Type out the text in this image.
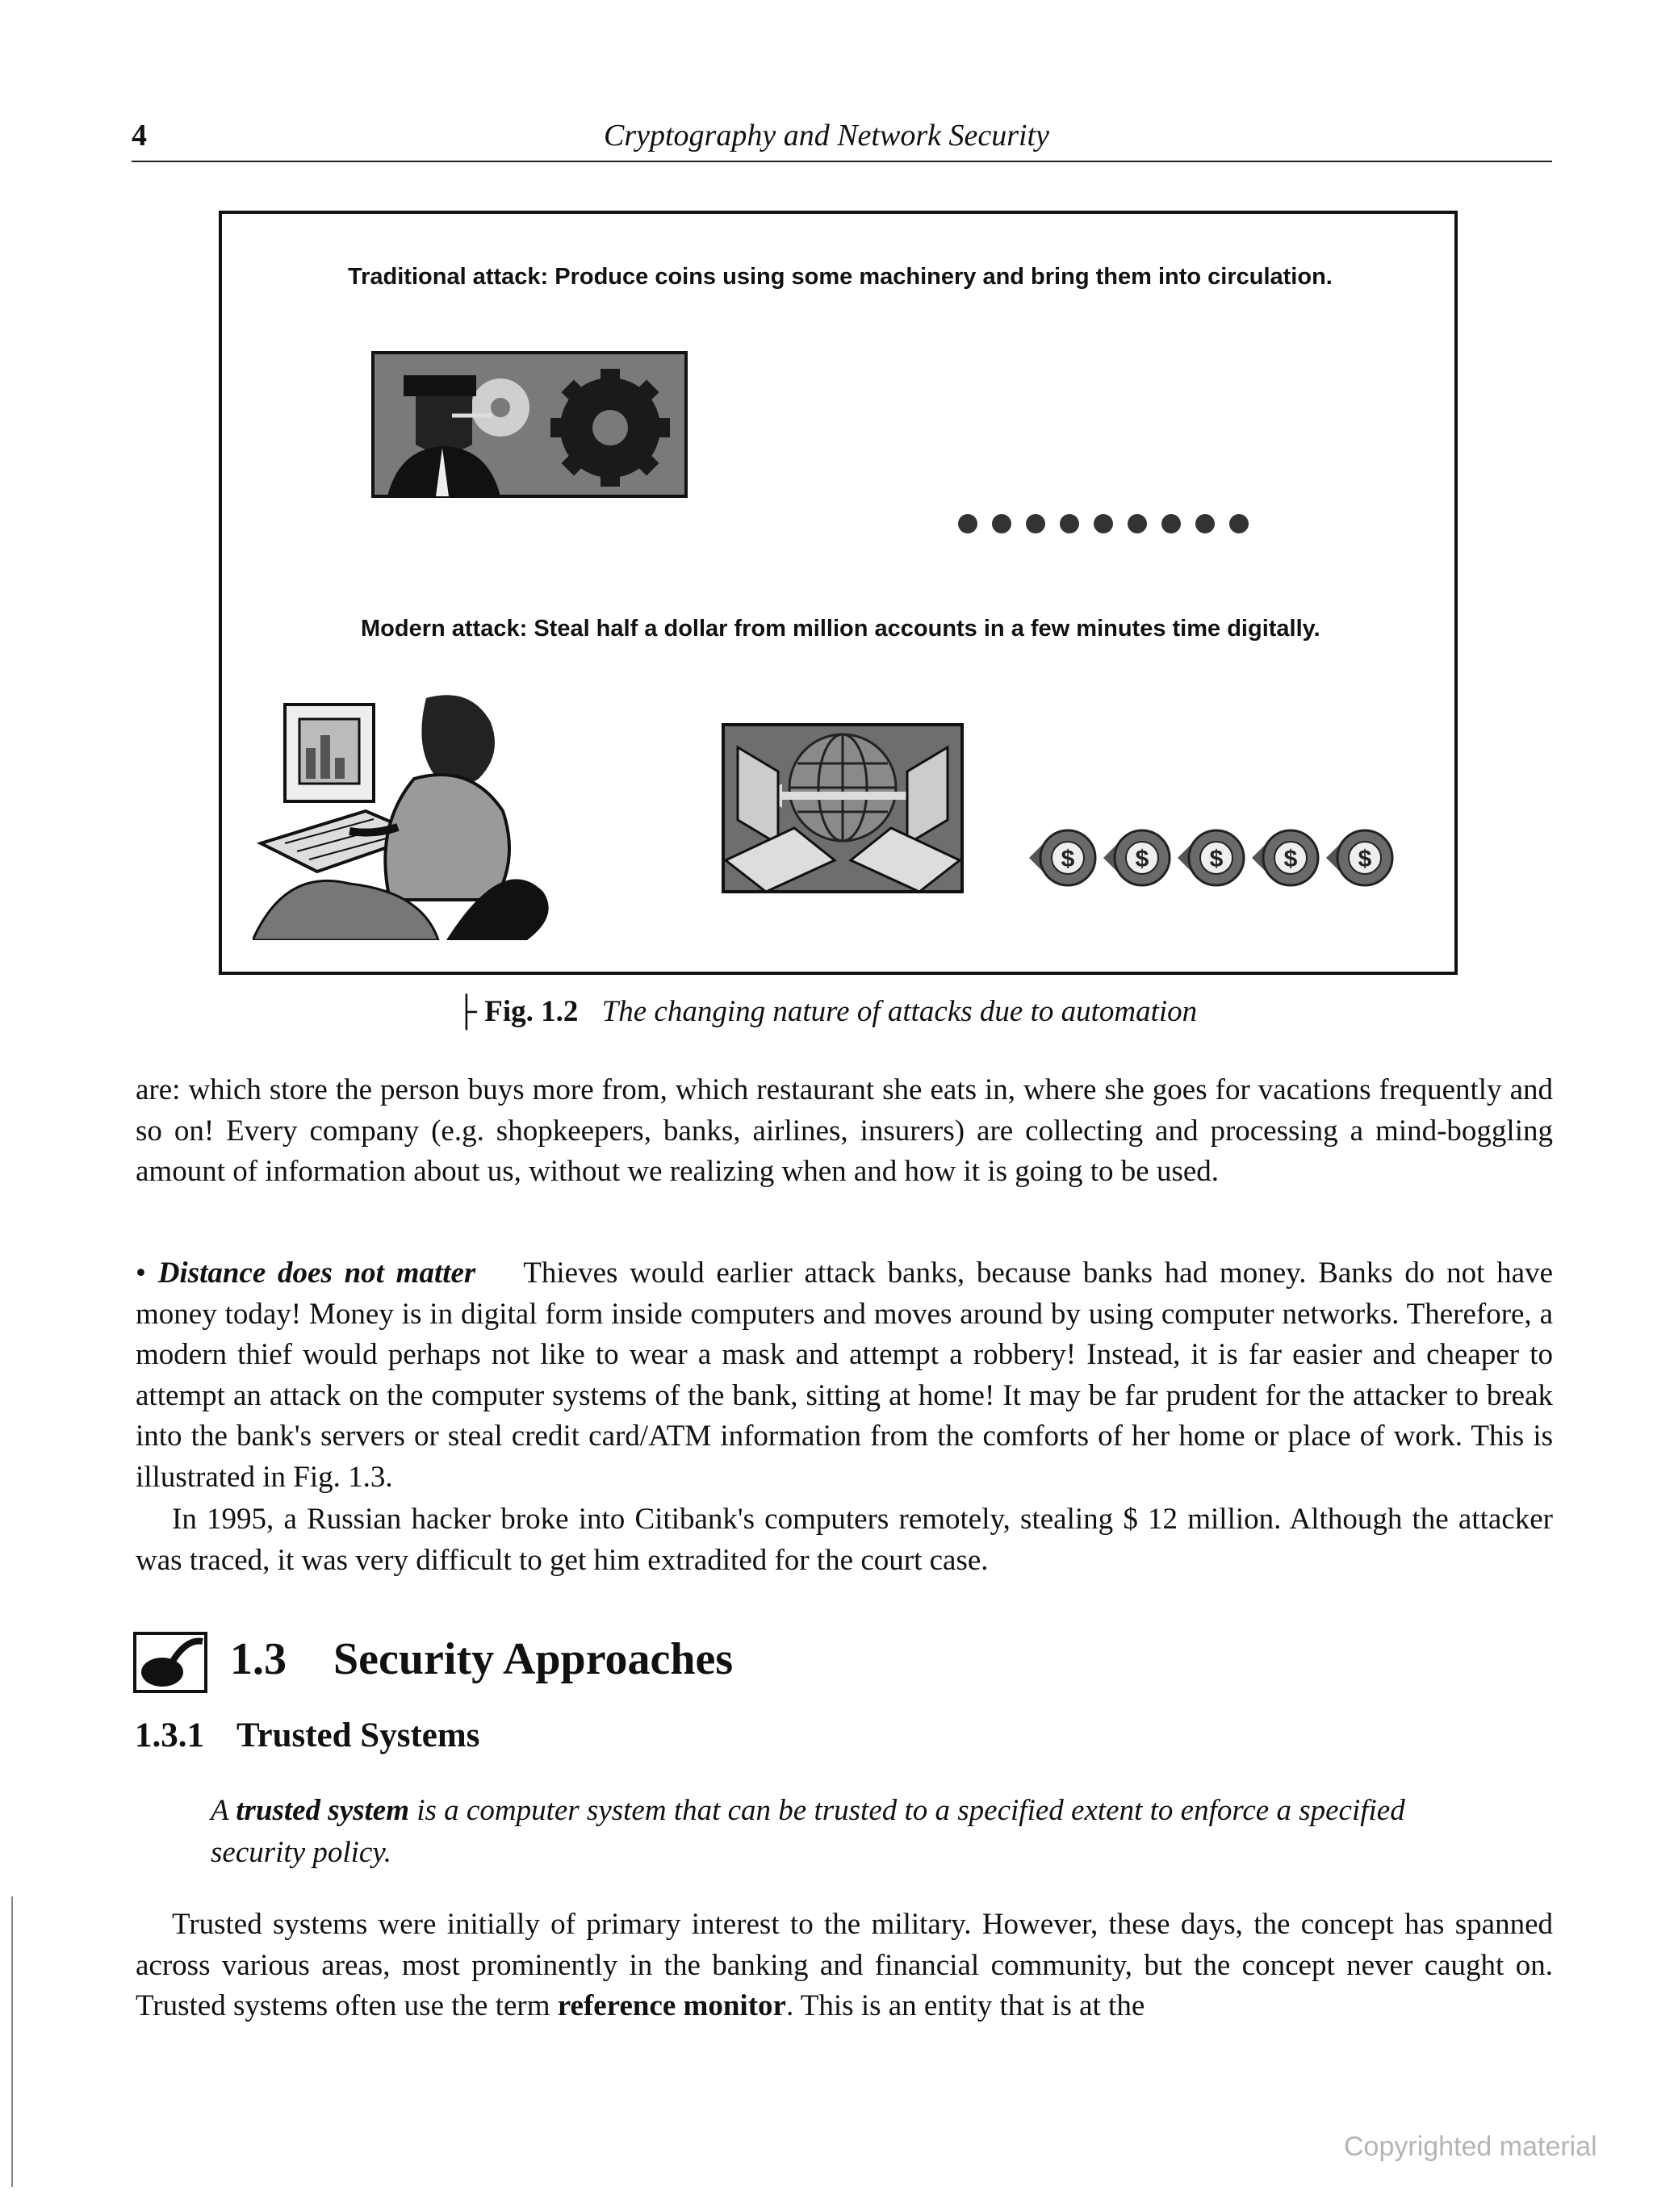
4	Cryptography and Network Security
Traditional attack: Produce coins using some machinery and bring them into circulation.
Modern attack: Steal half a dollar from million accounts in a few minutes time digitally.
$	$	$	$	$
├ Fig. 1.2 The changing nature of attacks due to automation

are: which store the person buys more from, which restaurant she eats in, where she goes for vacations frequently and so on! Every company (e.g. shopkeepers, banks, airlines, insurers) are collecting and processing a mind-boggling amount of information about us, without we realizing when and how it is going to be used.

• Distance does not matter Thieves would earlier attack banks, because banks had money. Banks do not have money today! Money is in digital form inside computers and moves around by using computer networks. Therefore, a modern thief would perhaps not like to wear a mask and attempt a robbery! Instead, it is far easier and cheaper to attempt an attack on the computer systems of the bank, sitting at home! It may be far prudent for the attacker to break into the bank's servers or steal credit card/ATM information from the comforts of her home or place of work. This is illustrated in Fig. 1.3.

In 1995, a Russian hacker broke into Citibank's computers remotely, stealing $ 12 million. Although the attacker was traced, it was very difficult to get him extradited for the court case.

1.3 Security Approaches
1.3.1 Trusted Systems

A trusted system is a computer system that can be trusted to a specified extent to enforce a specified security policy.

Trusted systems were initially of primary interest to the military. However, these days, the concept has spanned across various areas, most prominently in the banking and financial community, but the concept never caught on. Trusted systems often use the term reference monitor. This is an entity that is at the

Copyrighted material
